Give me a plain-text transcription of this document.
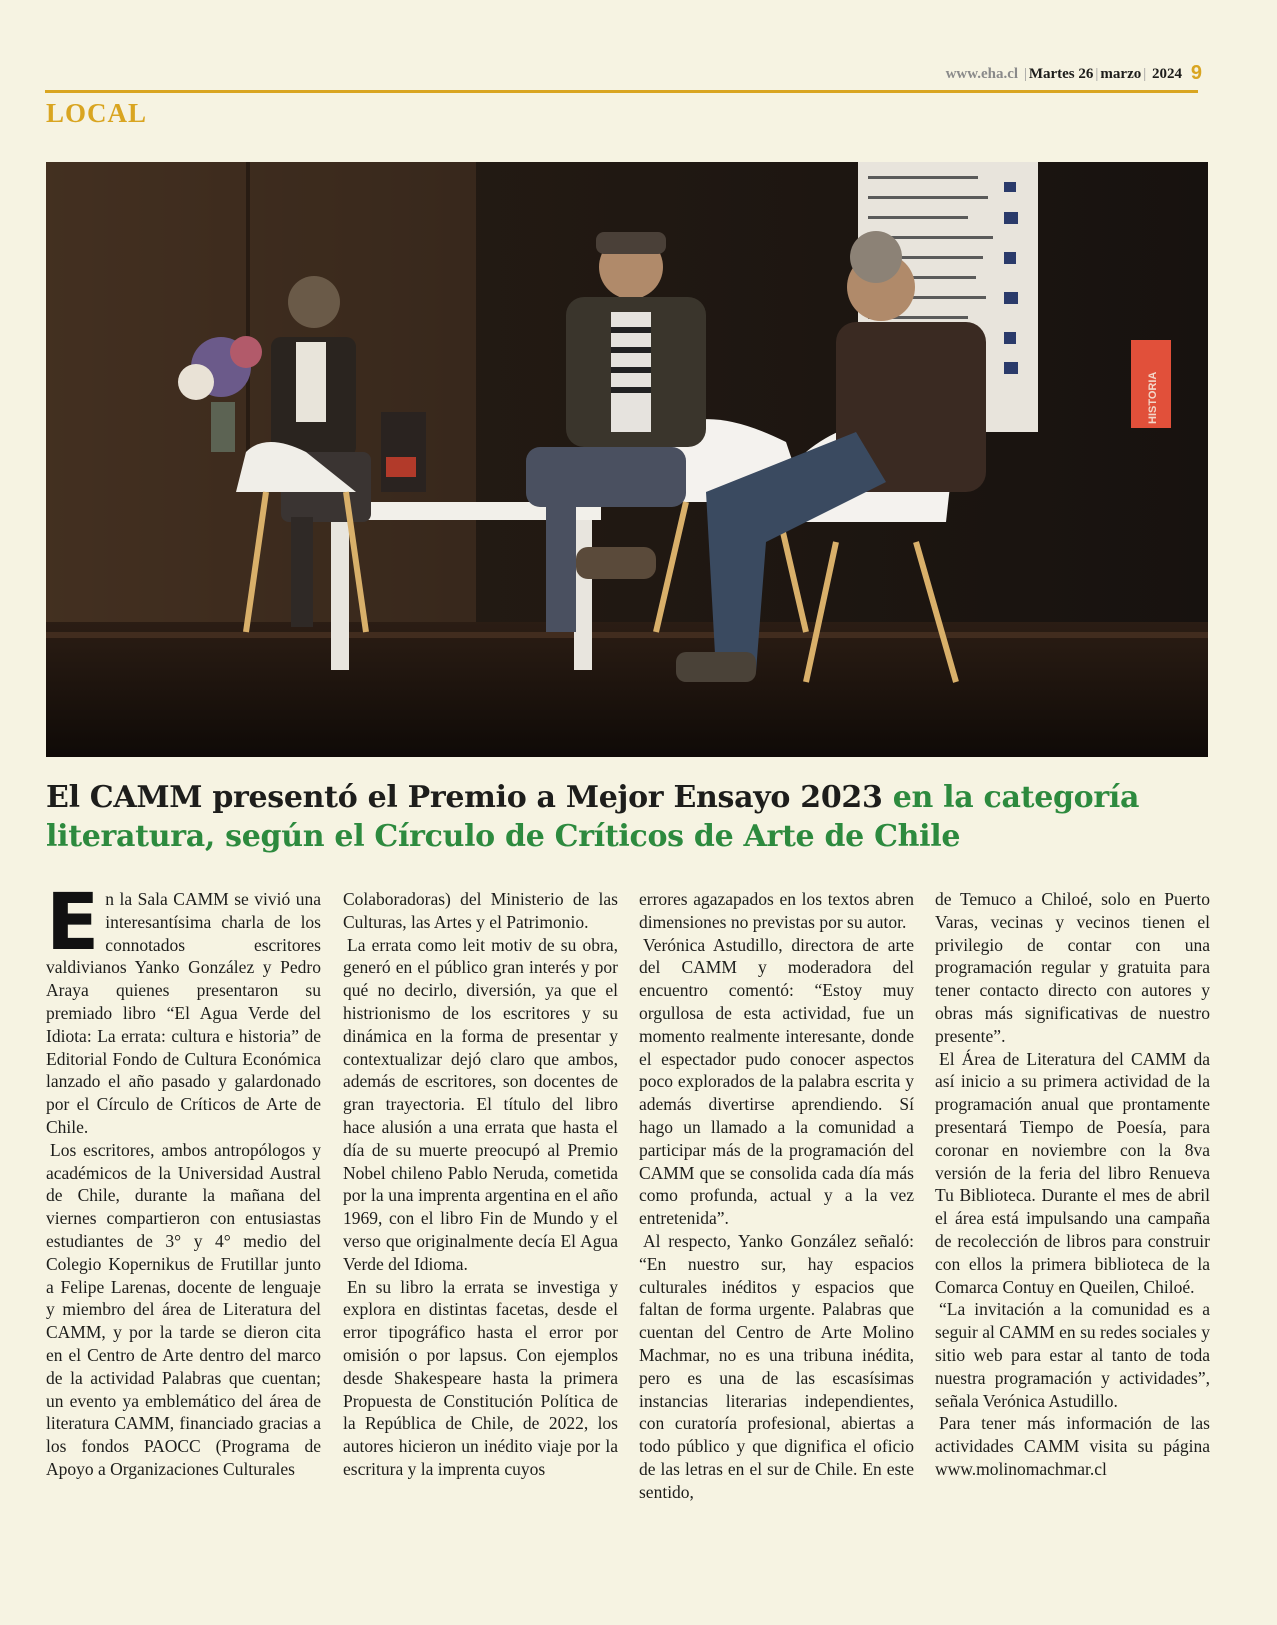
www.eha.cl | Martes 26 | marzo | 2024 9
LOCAL
HISTORIA
El CAMM presentó el Premio a Mejor Ensayo 2023 en la categoría literatura, según el Círculo de Críticos de Arte de Chile

En la Sala CAMM se vivió una interesantísima charla de los connotados escritores valdivianos Yanko González y Pedro Araya quienes presentaron su premiado libro “El Agua Verde del Idiota: La errata: cultura e historia” de Editorial Fondo de Cultura Económica lanzado el año pasado y galardonado por el Círculo de Críticos de Arte de Chile.

Los escritores, ambos antropólogos y académicos de la Universidad Austral de Chile, durante la mañana del viernes compartieron con entusiastas estudiantes de 3° y 4° medio del Colegio Kopernikus de Frutillar junto a Felipe Larenas, docente de lenguaje y miembro del área de Literatura del CAMM, y por la tarde se dieron cita en el Centro de Arte dentro del marco de la actividad Palabras que cuentan; un evento ya emblemático del área de literatura CAMM, financiado gracias a los fondos PAOCC (Programa de Apoyo a Organizaciones Culturales

Colaboradoras) del Ministerio de las Culturas, las Artes y el Patrimonio.

La errata como leit motiv de su obra, generó en el público gran interés y por qué no decirlo, diversión, ya que el histrionismo de los escritores y su dinámica en la forma de presentar y contextualizar dejó claro que ambos, además de escritores, son docentes de gran trayectoria. El título del libro hace alusión a una errata que hasta el día de su muerte preocupó al Premio Nobel chileno Pablo Neruda, cometida por la una imprenta argentina en el año 1969, con el libro Fin de Mundo y el verso que originalmente decía El Agua Verde del Idioma.

En su libro la errata se investiga y explora en distintas facetas, desde el error tipográfico hasta el error por omisión o por lapsus. Con ejemplos desde Shakespeare hasta la primera Propuesta de Constitución Política de la República de Chile, de 2022, los autores hicieron un inédito viaje por la escritura y la imprenta cuyos

errores agazapados en los textos abren dimensiones no previstas por su autor.

Verónica Astudillo, directora de arte del CAMM y moderadora del encuentro comentó: “Estoy muy orgullosa de esta actividad, fue un momento realmente interesante, donde el espectador pudo conocer aspectos poco explorados de la palabra escrita y además divertirse aprendiendo. Sí hago un llamado a la comunidad a participar más de la programación del CAMM que se consolida cada día más como profunda, actual y a la vez entretenida”.

Al respecto, Yanko González señaló: “En nuestro sur, hay espacios culturales inéditos y espacios que faltan de forma urgente. Palabras que cuentan del Centro de Arte Molino Machmar, no es una tribuna inédita, pero es una de las escasísimas instancias literarias independientes, con curatoría profesional, abiertas a todo público y que dignifica el oficio de las letras en el sur de Chile. En este sentido,

de Temuco a Chiloé, solo en Puerto Varas, vecinas y vecinos tienen el privilegio de contar con una programación regular y gratuita para tener contacto directo con autores y obras más significativas de nuestro presente”.

El Área de Literatura del CAMM da así inicio a su primera actividad de la programación anual que prontamente presentará Tiempo de Poesía, para coronar en noviembre con la 8va versión de la feria del libro Renueva Tu Biblioteca. Durante el mes de abril el área está impulsando una campaña de recolección de libros para construir con ellos la primera biblioteca de la Comarca Contuy en Queilen, Chiloé.

“La invitación a la comunidad es a seguir al CAMM en su redes sociales y sitio web para estar al tanto de toda nuestra programación y actividades”, señala Verónica Astudillo.

Para tener más información de las actividades CAMM visita su página www.molinomachmar.cl
